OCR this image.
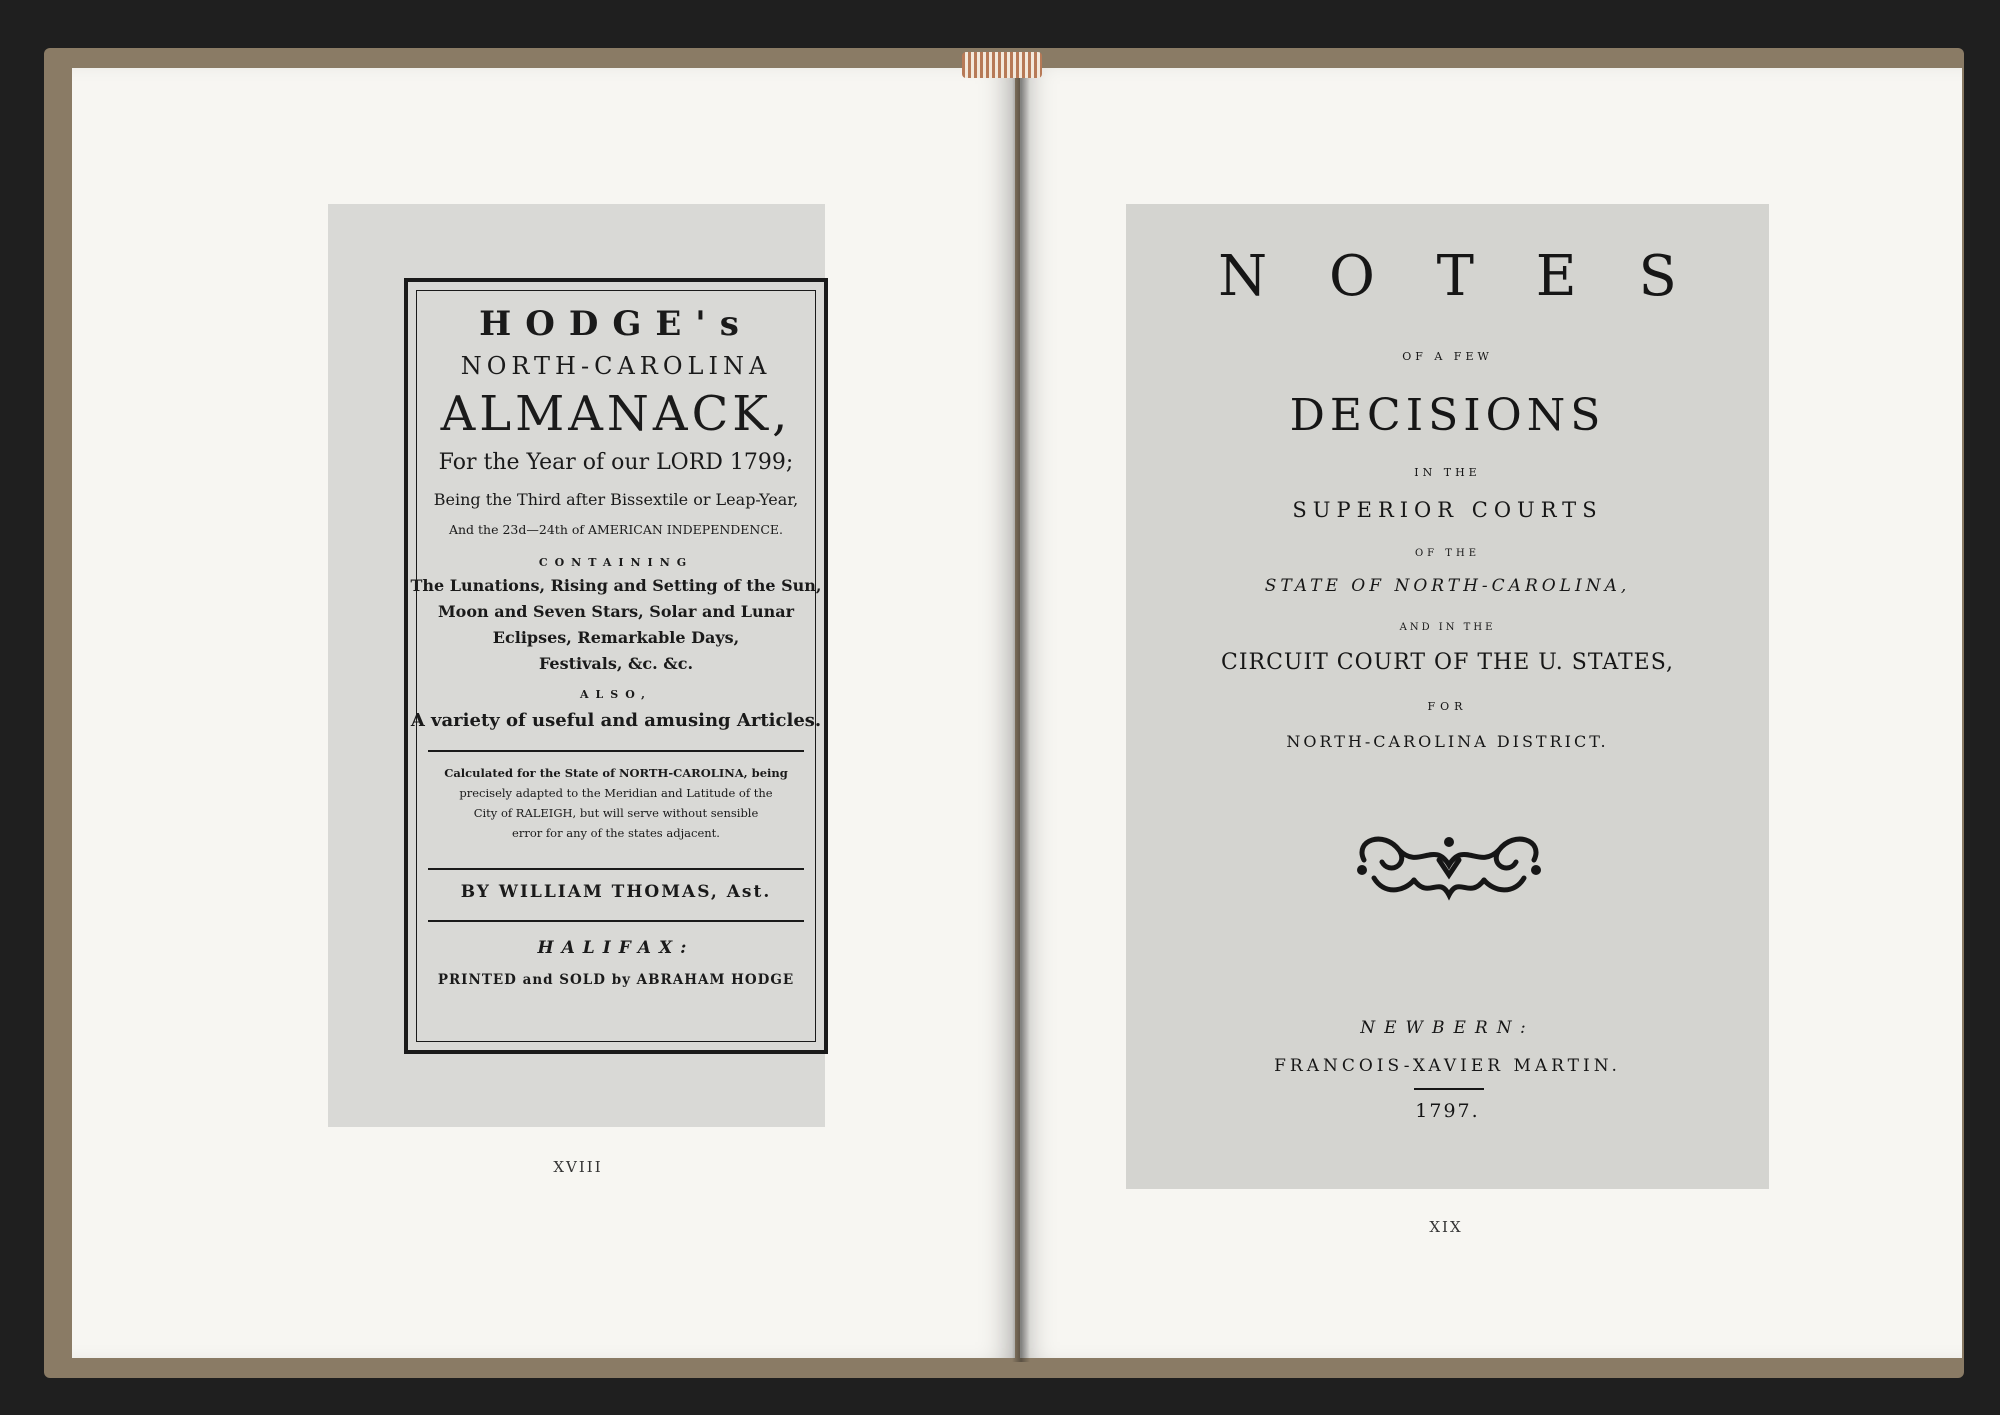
HODGE's
NORTH-CAROLINA
ALMANACK,
For the Year of our LORD 1799;
Being the Third after Bissextile or Leap-Year,
And the 23d—24th of AMERICAN INDEPENDENCE.
CONTAINING
The Lunations, Rising and Setting of the Sun,
Moon and Seven Stars, Solar and Lunar
Eclipses, Remarkable Days,
Festivals, &c. &c.
ALSO,
A variety of useful and amusing Articles.
Calculated for the State of NORTH-CAROLINA, being
precisely adapted to the Meridian and Latitude of the
City of RALEIGH, but will serve without sensible
error for any of the states adjacent.
BY WILLIAM THOMAS, Ast.
HALIFAX:
PRINTED and SOLD by ABRAHAM HODGE
XVIII
N O T E S
OF A FEW
DECISIONS
IN THE
SUPERIOR COURTS
OF THE
STATE OF NORTH-CAROLINA,
AND IN THE
CIRCUIT COURT OF THE U. STATES,
FOR
NORTH-CAROLINA DISTRICT.
NEWBERN:
FRANCOIS-XAVIER MARTIN.
1797.
XIX
